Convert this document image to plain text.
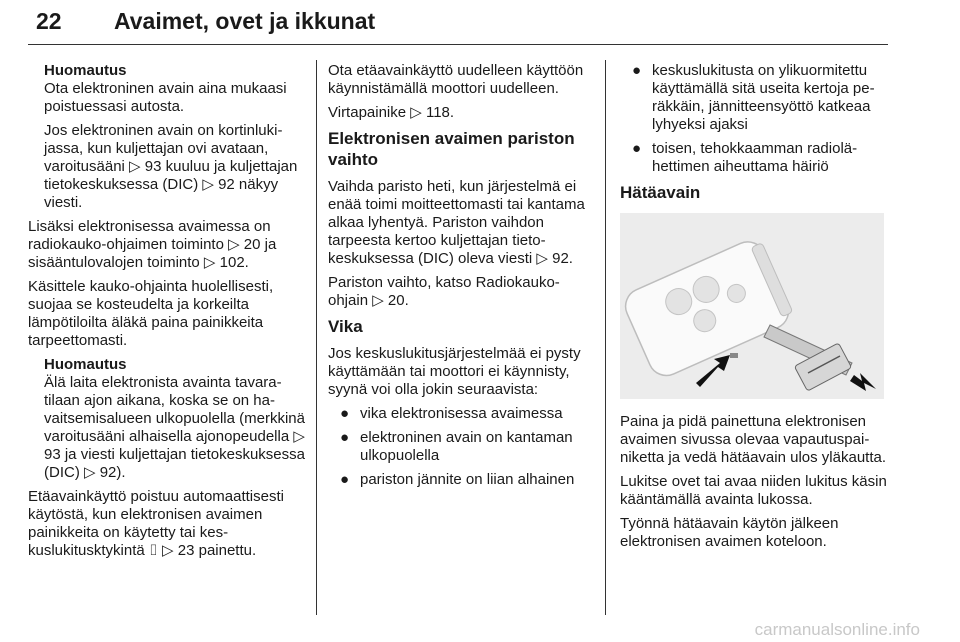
22 Avaimet, ovet ja ikkunat
Huomautus

Ota elektroninen avain aina mukaasi poistuessasi autosta.

Jos elektroninen avain on kortinlukijassa, kun kuljettajan ovi avataan, varoitusääni ▷ 93 kuuluu ja kuljettajan tietokeskuksessa (DIC) ▷ 92 näkyy viesti.

Lisäksi elektronisessa avaimessa on radiokauko-ohjaimen toiminto ▷ 20 ja sisääntulovalojen toiminto ▷ 102.

Käsittele kauko-ohjainta huolellisesti, suojaa se kosteudelta ja korkeilta lämpötiloilta äläkä paina painikkeita tarpeettomasti.

Huomautus

Älä laita elektronista avainta tavaratilaan ajon aikana, koska se on havaitsemisalueen ulkopuolella (merkkinä varoitusääni alhaisella ajonopeudella ▷ 93 ja viesti kuljettajan tietokeskuksessa (DIC) ▷ 92).

Etäavainkäyttö poistuu automaattisesti käytöstä, kun elektronisen avaimen painikkeita on käytetty tai keskuslukitusktykintä ⌷ ▷ 23 painettu.

Ota etäavainkäyttö uudelleen käyttöön käynnistämällä moottori uudelleen.

Virtapainike ▷ 118.

Elektronisen avaimen pariston vaihto

Vaihda paristo heti, kun järjestelmä ei enää toimi moitteettomasti tai kantama alkaa lyhentyä. Pariston vaihdon tarpeesta kertoo kuljettajan tietokeskuksessa (DIC) oleva viesti ▷ 92.

Pariston vaihto, katso Radiokauko-ohjain ▷ 20.

Vika

Jos keskuslukitusjärjestelmää ei pysty käyttämään tai moottori ei käynnisty, syynä voi olla jokin seuraavista:

● vika elektronisessa avaimessa
● elektroninen avain on kantaman ulkopuolella
● pariston jännite on liian alhainen
● keskuslukitusta on ylikuormitettu käyttämällä sitä useita kertoja peräkkäin, jännitteensyöttö katkeaa lyhyeksi ajaksi
● toisen, tehokkaamman radiolähettimen aiheuttama häiriö
Hätäavain

Paina ja pidä painettuna elektronisen avaimen sivussa olevaa vapautuspainiketta ja vedä hätäavain ulos yläkautta.

Lukitse ovet tai avaa niiden lukitus käsin kääntämällä avainta lukossa.

Työnnä hätäavain käytön jälkeen elektronisen avaimen koteloon.

carmanualsonline.info
